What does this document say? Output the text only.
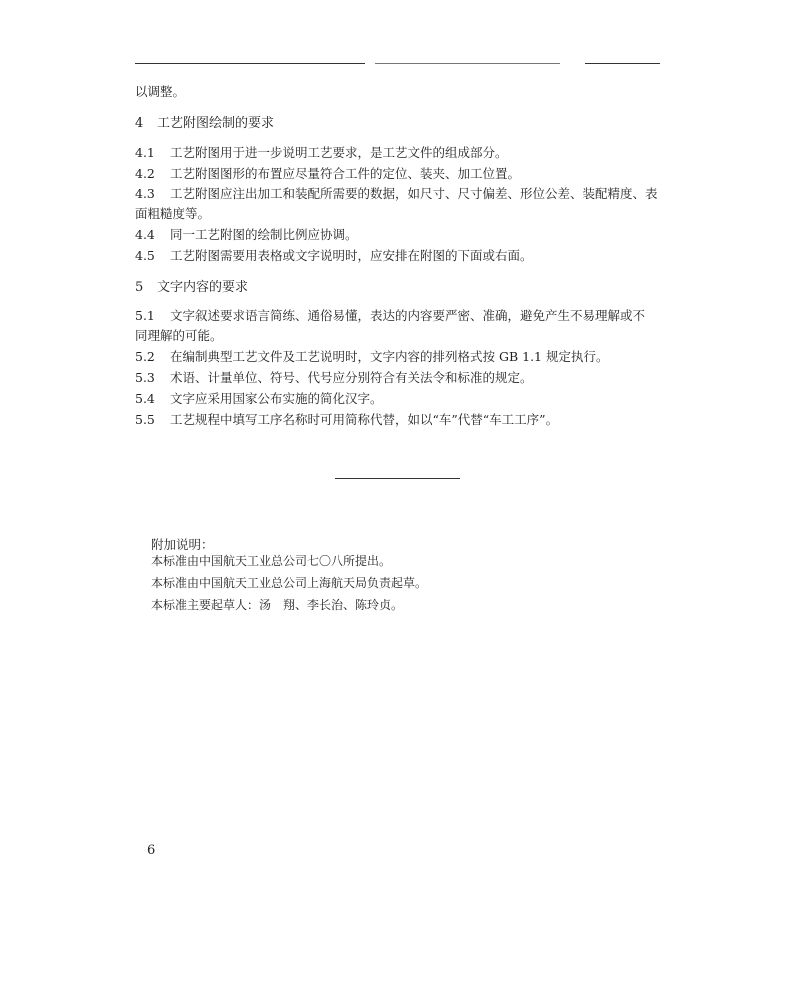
以调整。
4 工艺附图绘制的要求
4.1 工艺附图用于进一步说明工艺要求，是工艺文件的组成部分。
4.2 工艺附图图形的布置应尽量符合工件的定位、装夹、加工位置。
4.3 工艺附图应注出加工和装配所需要的数据，如尺寸、尺寸偏差、形位公差、装配精度、表
面粗糙度等。
4.4 同一工艺附图的绘制比例应协调。
4.5 工艺附图需要用表格或文字说明时，应安排在附图的下面或右面。
5 文字内容的要求
5.1 文字叙述要求语言简练、通俗易懂，表达的内容要严密、准确，避免产生不易理解或不
同理解的可能。
5.2 在编制典型工艺文件及工艺说明时，文字内容的排列格式按 GB 1.1 规定执行。
5.3 术语、计量单位、符号、代号应分别符合有关法令和标准的规定。
5.4 文字应采用国家公布实施的简化汉字。
5.5 工艺规程中填写工序名称时可用简称代替，如以“车”代替“车工工序”。
附加说明：
本标准由中国航天工业总公司七〇八所提出。
本标准由中国航天工业总公司上海航天局负责起草。
本标准主要起草人：汤　翔、李长治、陈玲贞。
6
